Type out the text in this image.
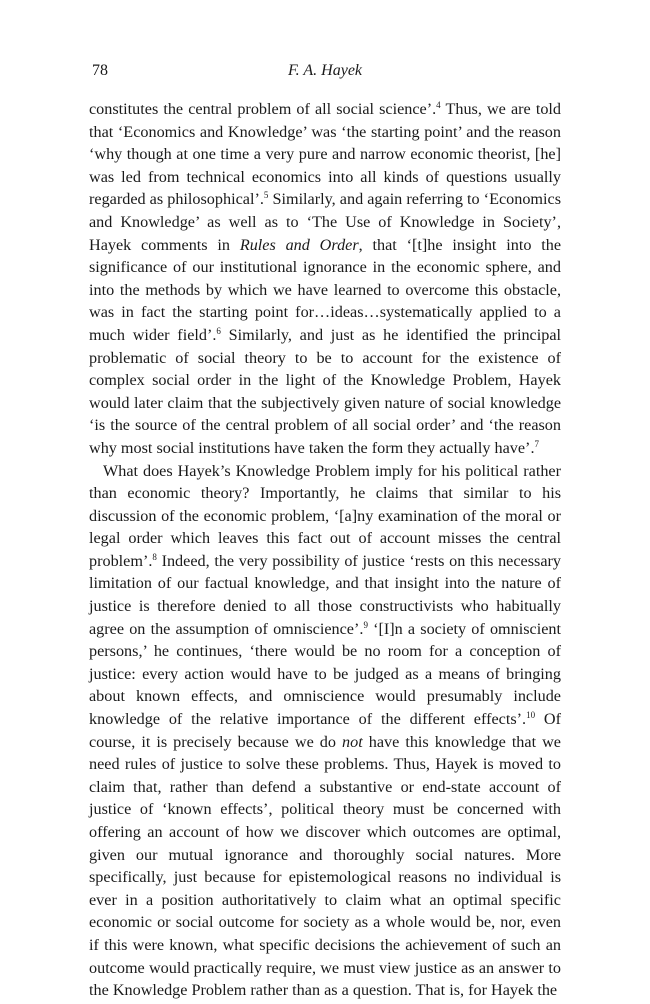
78	F. A. Hayek
constitutes the central problem of all social science’.$^4$ Thus, we are told that ‘Economics and Knowledge’ was ‘the starting point’ and the reason ‘why though at one time a very pure and narrow economic theorist, [he] was led from technical economics into all kinds of questions usually regarded as philosophical’.$^5$ Similarly, and again referring to ‘Economics and Knowledge’ as well as to ‘The Use of Knowledge in Society’, Hayek comments in Rules and Order, that ‘[t]he insight into the significance of our institutional ignorance in the economic sphere, and into the methods by which we have learned to overcome this obstacle, was in fact the starting point for…ideas…systematically applied to a much wider field’.$^6$ Similarly, and just as he identified the principal problematic of social theory to be to account for the existence of complex social order in the light of the Knowledge Problem, Hayek would later claim that the subjectively given nature of social knowledge ‘is the source of the central problem of all social order’ and ‘the reason why most social institutions have taken the form they actually have’.$^7$
What does Hayek’s Knowledge Problem imply for his political rather than economic theory? Importantly, he claims that similar to his discussion of the economic problem, ‘[a]ny examination of the moral or legal order which leaves this fact out of account misses the central problem’.$^8$ Indeed, the very possibility of justice ‘rests on this necessary limitation of our factual knowledge, and that insight into the nature of justice is therefore denied to all those constructivists who habitually agree on the assumption of omniscience’.$^9$ ‘[I]n a society of omniscient persons,’ he continues, ‘there would be no room for a conception of justice: every action would have to be judged as a means of bringing about known effects, and omniscience would presumably include knowledge of the relative importance of the different effects’.$^{10}$ Of course, it is precisely because we do not have this knowledge that we need rules of justice to solve these problems. Thus, Hayek is moved to claim that, rather than defend a substantive or end-state account of justice of ‘known effects’, political theory must be concerned with offering an account of how we discover which outcomes are optimal, given our mutual ignorance and thoroughly social natures. More specifically, just because for epistemological reasons no individual is ever in a position authoritatively to claim what an optimal specific economic or social outcome for society as a whole would be, nor, even if this were known, what specific decisions the achievement of such an outcome would practically require, we must view justice as an answer to the Knowledge Problem rather than as a question. That is, for Hayek the
